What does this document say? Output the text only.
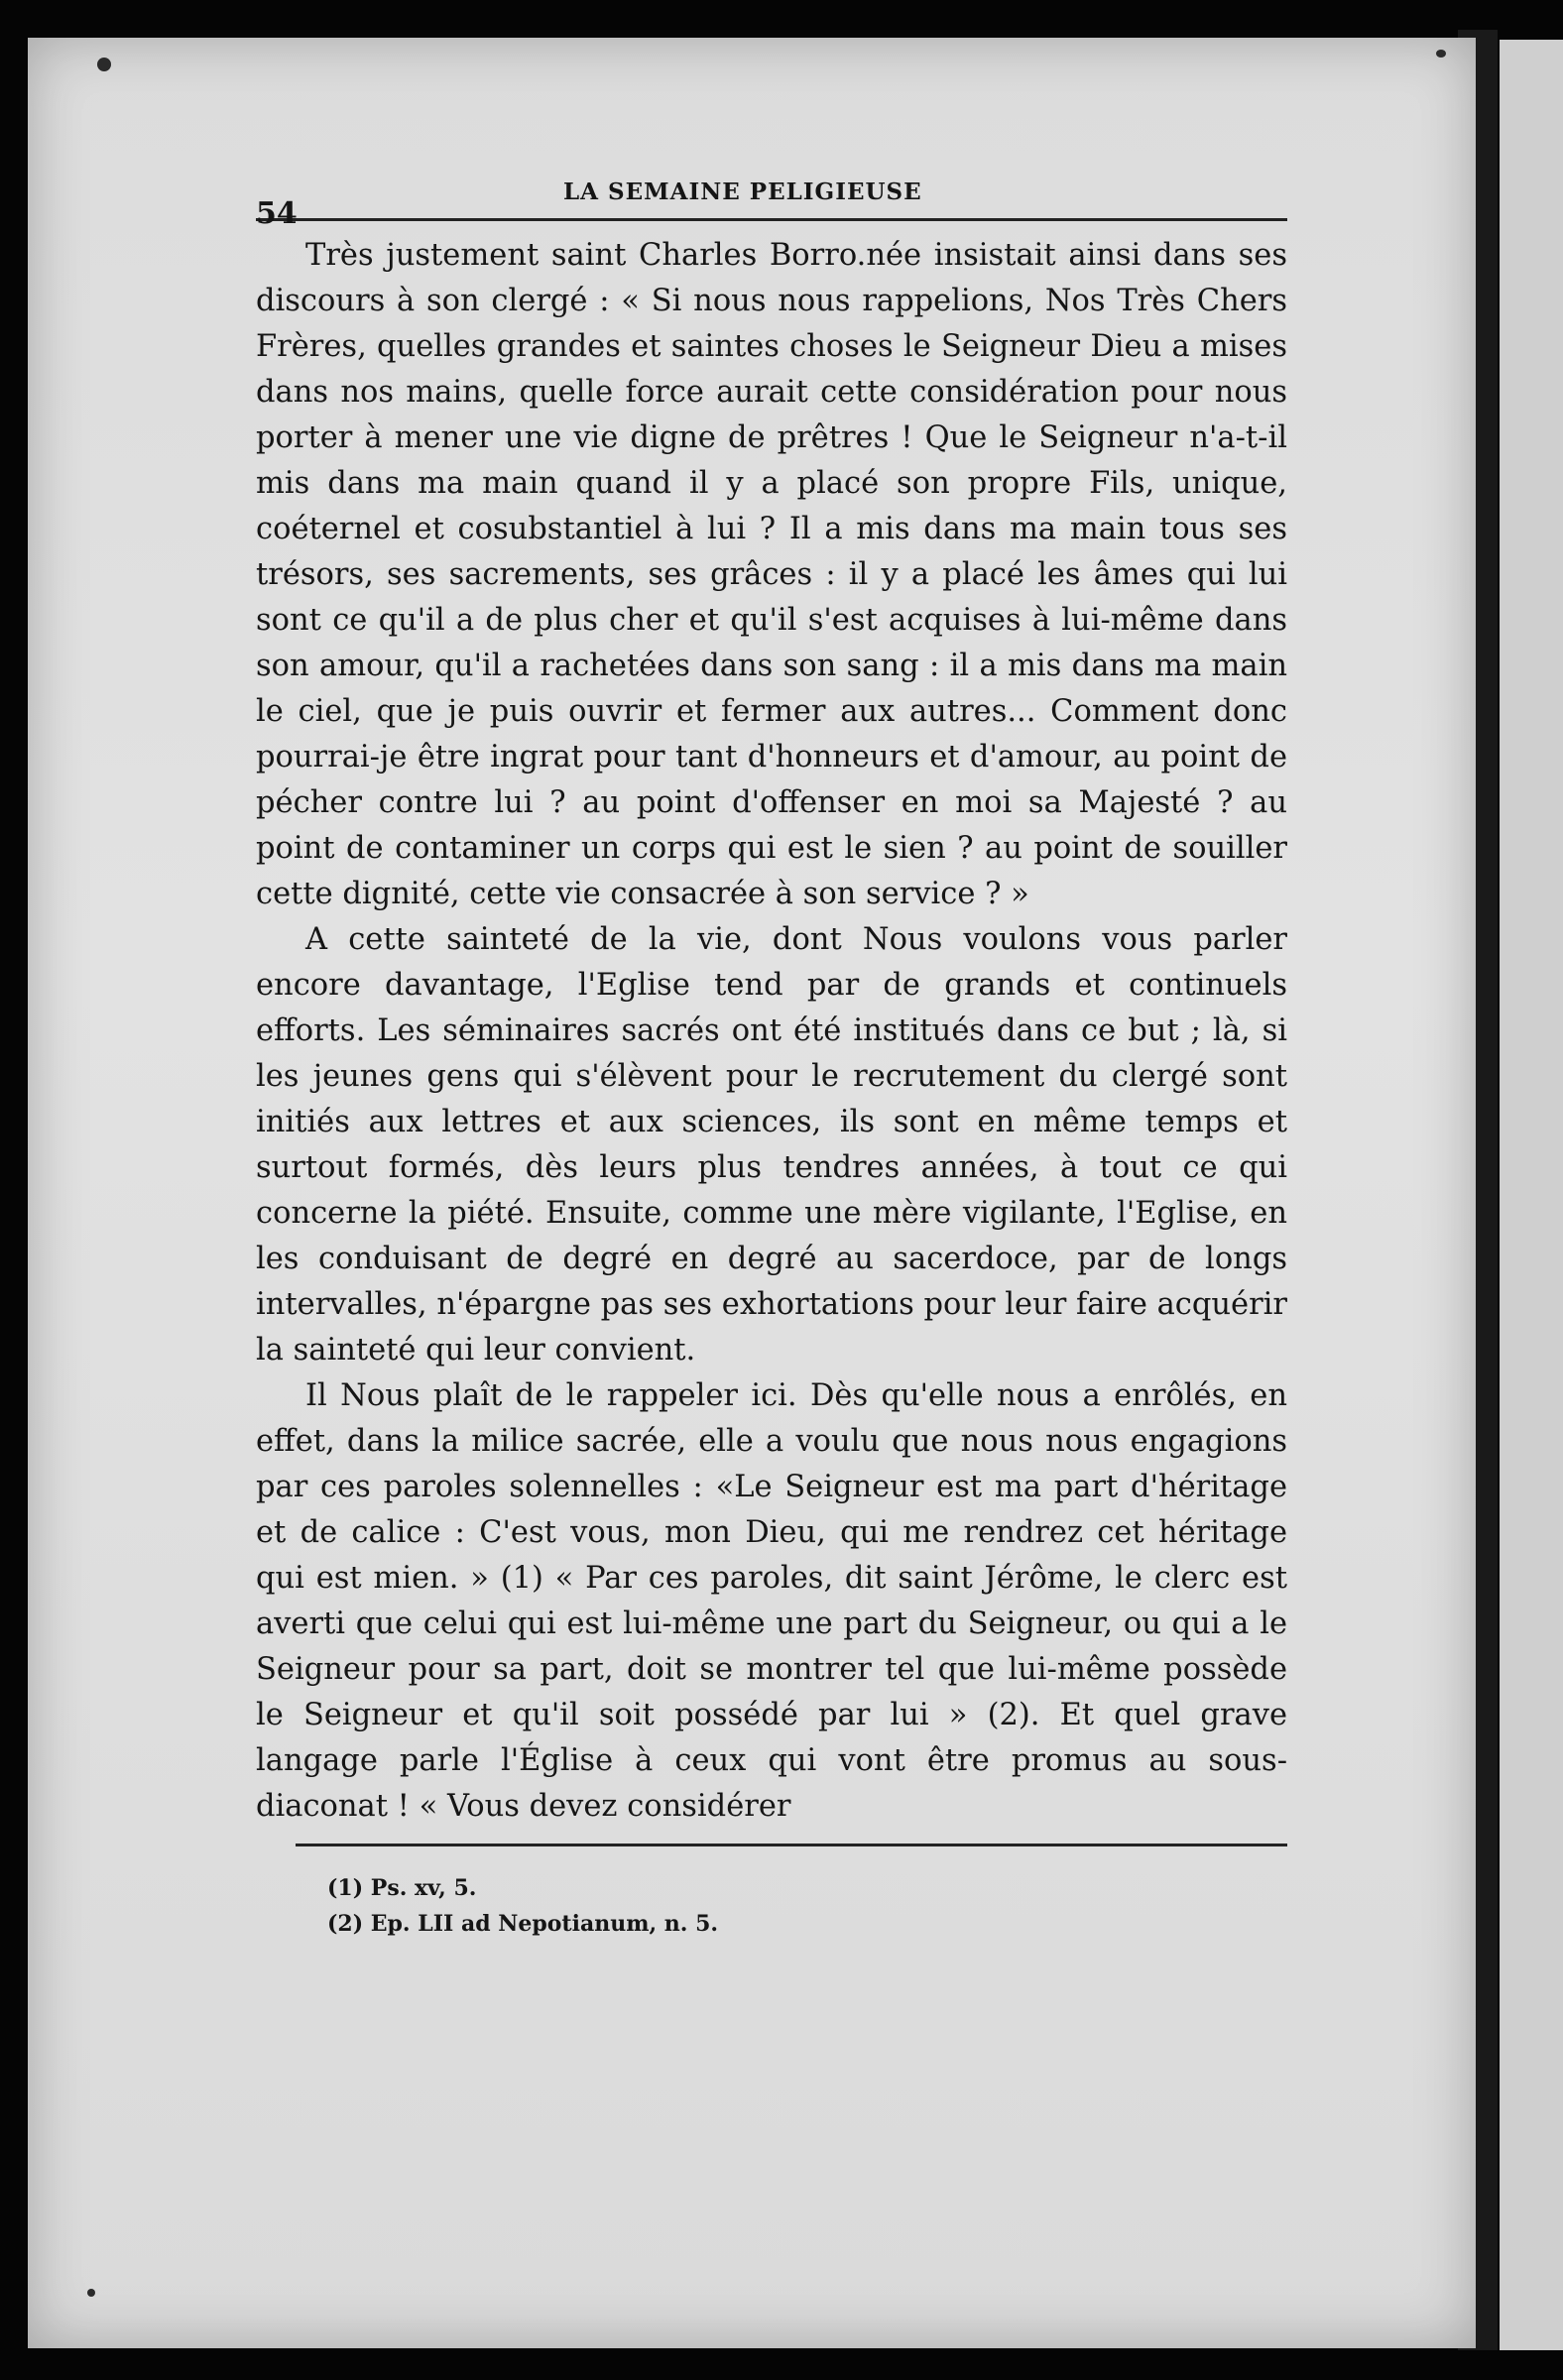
54
LA SEMAINE PELIGIEUSE

Très justement saint Charles Borro.née insistait ainsi dans ses discours à son clergé : « Si nous nous rappelions, Nos Très Chers Frères, quelles grandes et saintes choses le Seigneur Dieu a mises dans nos mains, quelle force aurait cette considération pour nous porter à mener une vie digne de prêtres ! Que le Seigneur n'a-t-il mis dans ma main quand il y a placé son propre Fils, unique, coéternel et cosubstantiel à lui ? Il a mis dans ma main tous ses trésors, ses sacrements, ses grâces : il y a placé les âmes qui lui sont ce qu'il a de plus cher et qu'il s'est acquises à lui-même dans son amour, qu'il a rachetées dans son sang : il a mis dans ma main le ciel, que je puis ouvrir et fermer aux autres... Comment donc pourrai-je être ingrat pour tant d'honneurs et d'amour, au point de pécher contre lui ? au point d'offenser en moi sa Majesté ? au point de contaminer un corps qui est le sien ? au point de souiller cette dignité, cette vie consacrée à son service ? »

A cette sainteté de la vie, dont Nous voulons vous parler encore davantage, l'Eglise tend par de grands et continuels efforts. Les séminaires sacrés ont été institués dans ce but ; là, si les jeunes gens qui s'élèvent pour le recrutement du clergé sont initiés aux lettres et aux sciences, ils sont en même temps et surtout formés, dès leurs plus tendres années, à tout ce qui concerne la piété. Ensuite, comme une mère vigilante, l'Eglise, en les conduisant de degré en degré au sacerdoce, par de longs intervalles, n'épargne pas ses exhortations pour leur faire acquérir la sainteté qui leur convient.

Il Nous plaît de le rappeler ici. Dès qu'elle nous a enrôlés, en effet, dans la milice sacrée, elle a voulu que nous nous engagions par ces paroles solennelles : «Le Seigneur est ma part d'héritage et de calice : C'est vous, mon Dieu, qui me rendrez cet héritage qui est mien. » (1) « Par ces paroles, dit saint Jérôme, le clerc est averti que celui qui est lui-même une part du Seigneur, ou qui a le Seigneur pour sa part, doit se montrer tel que lui-même possède le Seigneur et qu'il soit possédé par lui » (2). Et quel grave langage parle l'Église à ceux qui vont être promus au sous-diaconat ! « Vous devez considérer

(1) Ps. xv, 5.
(2) Ep. LII ad Nepotianum, n. 5.
